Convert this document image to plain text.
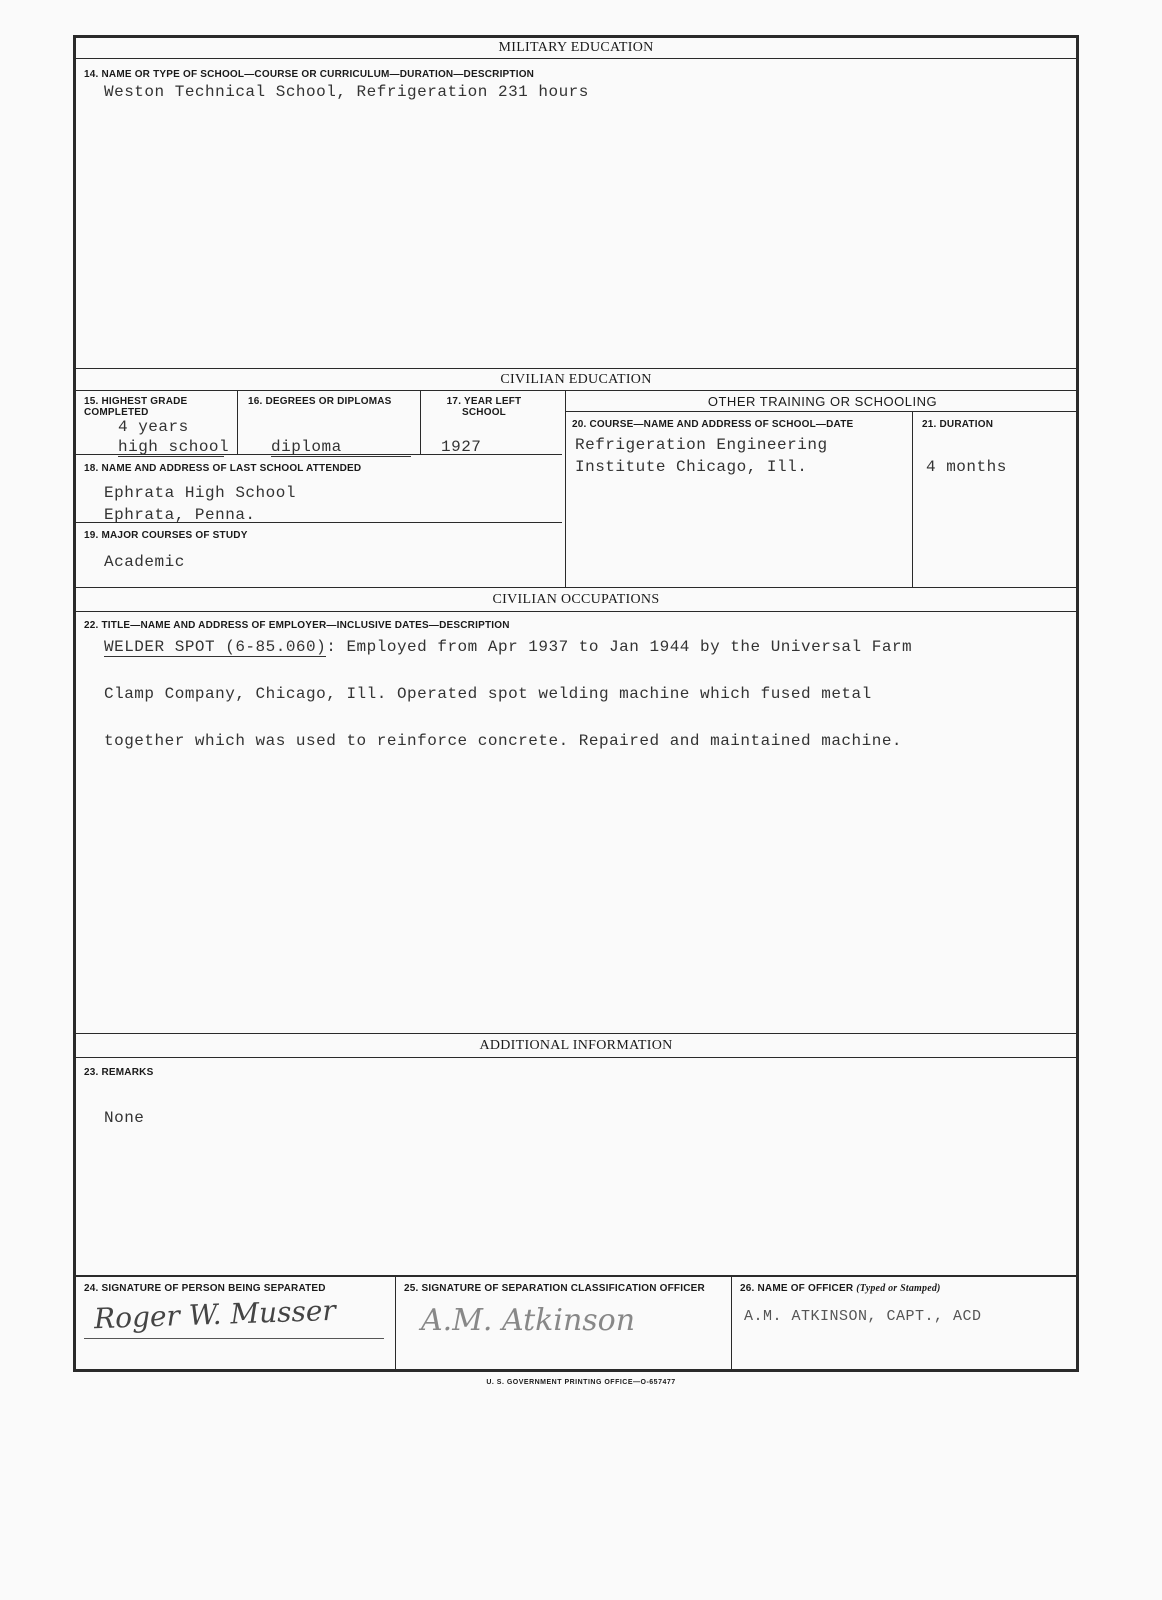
MILITARY EDUCATION
14. NAME OR TYPE OF SCHOOL—COURSE OR CURRICULUM—DURATION—DESCRIPTION
Weston Technical School, Refrigeration 231 hours
CIVILIAN EDUCATION
15. HIGHEST GRADE COMPLETED
4 years
high school
16. DEGREES OR DIPLOMAS
diploma
17. YEAR LEFT SCHOOL
1927
18. NAME AND ADDRESS OF LAST SCHOOL ATTENDED
Ephrata High School
Ephrata, Penna.
19. MAJOR COURSES OF STUDY
Academic
OTHER TRAINING OR SCHOOLING
20. COURSE—NAME AND ADDRESS OF SCHOOL—DATE
Refrigeration Engineering
Institute Chicago, Ill.
21. DURATION
4 months
CIVILIAN OCCUPATIONS
22. TITLE—NAME AND ADDRESS OF EMPLOYER—INCLUSIVE DATES—DESCRIPTION
WELDER SPOT (6-85.060): Employed from Apr 1937 to Jan 1944 by the Universal Farm
Clamp Company, Chicago, Ill. Operated spot welding machine which fused metal
together which was used to reinforce concrete. Repaired and maintained machine.
ADDITIONAL INFORMATION
23. REMARKS
None
24. SIGNATURE OF PERSON BEING SEPARATED
Roger W. Musser
25. SIGNATURE OF SEPARATION CLASSIFICATION OFFICER
A.M. Atkinson
26. NAME OF OFFICER (Typed or Stamped)
A.M. ATKINSON, CAPT., ACD
U. S. GOVERNMENT PRINTING OFFICE—O-657477
